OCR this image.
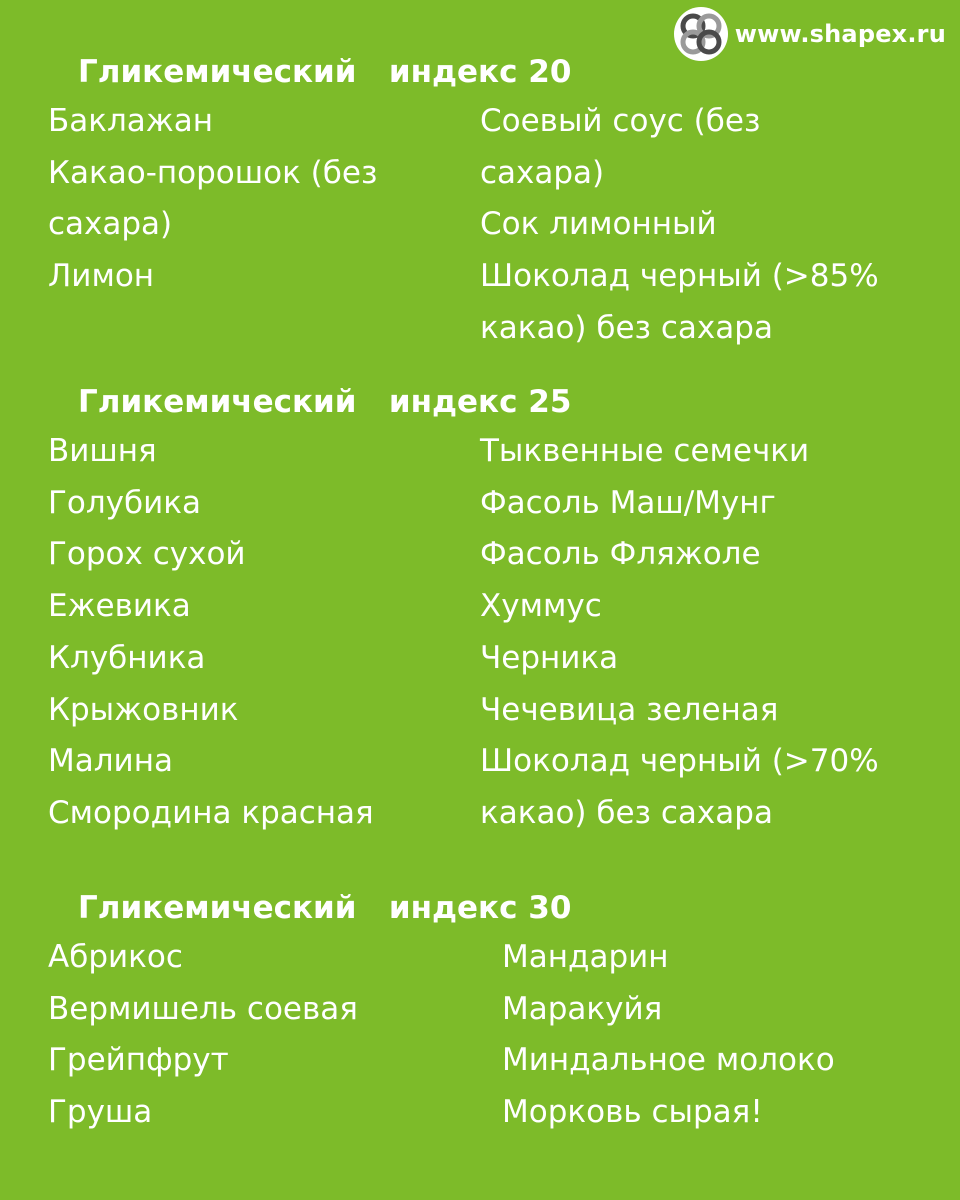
www.shapex.ru
Гликемический   индекс 20
Баклажан
Какао-порошок (без
сахара)
Лимон
Соевый соус (без
сахара)
Сок лимонный
Шоколад черный (>85%
какао) без сахара
Гликемический   индекс 25
Вишня
Голубика
Горох сухой
Ежевика
Клубника
Крыжовник
Малина
Смородина красная
Тыквенные семечки
Фасоль Маш/Мунг
Фасоль Фляжоле
Хуммус
Черника
Чечевица зеленая
Шоколад черный (>70%
какао) без сахара
Гликемический   индекс 30
Абрикос
Вермишель соевая
Грейпфрут
Груша
Мандарин
Маракуйя
Миндальное молоко
Морковь сырая!
